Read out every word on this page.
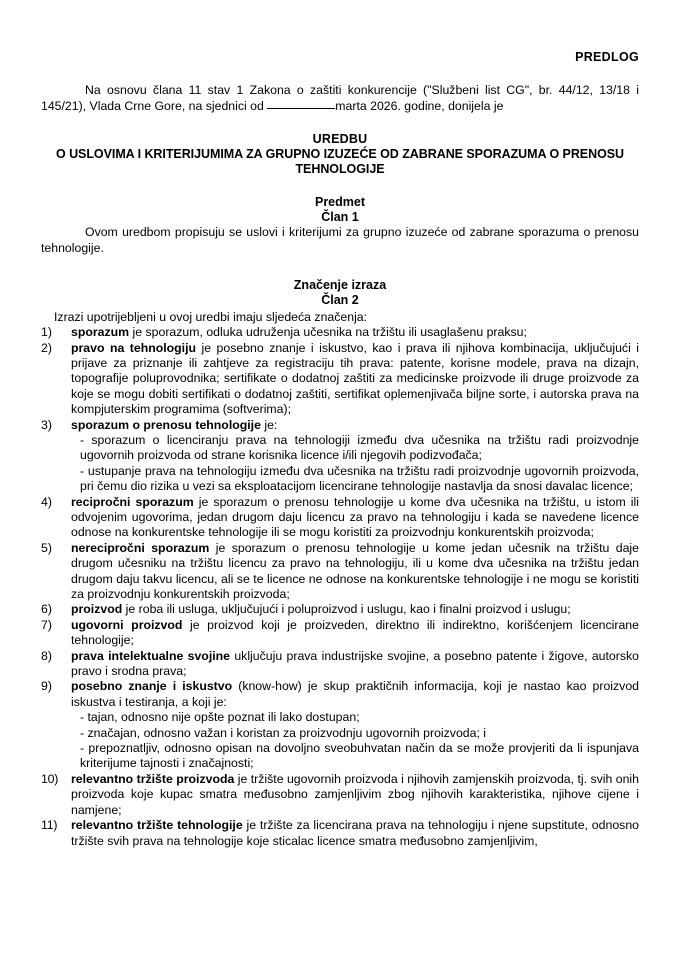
PREDLOG
Na osnovu člana 11 stav 1 Zakona o zaštiti konkurencije ("Službeni list CG", br. 44/12, 13/18 i 145/21), Vlada Crne Gore, na sjednici od	marta 2026. godine, donijela je
UREDBU
O USLOVIMA I KRITERIJUMIMA ZA GRUPNO IZUZEĆE OD ZABRANE SPORAZUMA O PRENOSU TEHNOLOGIJE
Predmet
Član 1
Ovom uredbom propisuju se uslovi i kriterijumi za grupno izuzeće od zabrane sporazuma o prenosu tehnologije.
Značenje izraza
Član 2
Izrazi upotrijebljeni u ovoj uredbi imaju sljedeća značenja:
1)	sporazum je sporazum, odluka udruženja učesnika na tržištu ili usaglašenu praksu;
2)	pravo na tehnologiju je posebno znanje i iskustvo, kao i prava ili njihova kombinacija, uključujući i prijave za priznanje ili zahtjeve za registraciju tih prava: patente, korisne modele, prava na dizajn, topografije poluprovodnika; sertifikate o dodatnoj zaštiti za medicinske proizvode ili druge proizvode za koje se mogu dobiti sertifikati o dodatnoj zaštiti, sertifikat oplemenjivača biljne sorte, i autorska prava na kompjuterskim programima (softverima);
3)	sporazum o prenosu tehnologije je:
- sporazum o licenciranju prava na tehnologiji između dva učesnika na tržištu radi proizvodnje ugovornih proizvoda od strane korisnika licence i/ili njegovih podizvođača;
- ustupanje prava na tehnologiju između dva učesnika na tržištu radi proizvodnje ugovornih proizvoda, pri čemu dio rizika u vezi sa eksploatacijom licencirane tehnologije nastavlja da snosi davalac licence;
4)	recipročni sporazum je sporazum o prenosu tehnologije u kome dva učesnika na tržištu, u istom ili odvojenim ugovorima, jedan drugom daju licencu za pravo na tehnologiju i kada se navedene licence odnose na konkurentske tehnologije ili se mogu koristiti za proizvodnju konkurentskih proizvoda;
5)	nerecipročni sporazum je sporazum o prenosu tehnologije u kome jedan učesnik na tržištu daje drugom učesniku na tržištu licencu za pravo na tehnologiju, ili u kome dva učesnika na tržištu jedan drugom daju takvu licencu, ali se te licence ne odnose na konkurentske tehnologije i ne mogu se koristiti za proizvodnju konkurentskih proizvoda;
6)	proizvod je roba ili usluga, uključujući i poluproizvod i uslugu, kao i finalni proizvod i uslugu;
7)	ugovorni proizvod je proizvod koji je proizveden, direktno ili indirektno, korišćenjem licencirane tehnologije;
8)	prava intelektualne svojine uključuju prava industrijske svojine, a posebno patente i žigove, autorsko pravo i srodna prava;
9)	posebno znanje i iskustvo (know-how) je skup praktičnih informacija, koji je nastao kao proizvod iskustva i testiranja, a koji je:
- tajan, odnosno nije opšte poznat ili lako dostupan;
- značajan, odnosno važan i koristan za proizvodnju ugovornih proizvoda; i
- prepoznatljiv, odnosno opisan na dovoljno sveobuhvatan način da se može provjeriti da li ispunjava kriterijume tajnosti i značajnosti;
10)	relevantno tržište proizvoda je tržište ugovornih proizvoda i njihovih zamjenskih proizvoda, tj. svih onih proizvoda koje kupac smatra međusobno zamjenljivim zbog njihovih karakteristika, njihove cijene i namjene;
11)	relevantno tržište tehnologije je tržište za licencirana prava na tehnologiju i njene supstitute, odnosno tržište svih prava na tehnologije koje sticalac licence smatra međusobno zamjenljivim,
